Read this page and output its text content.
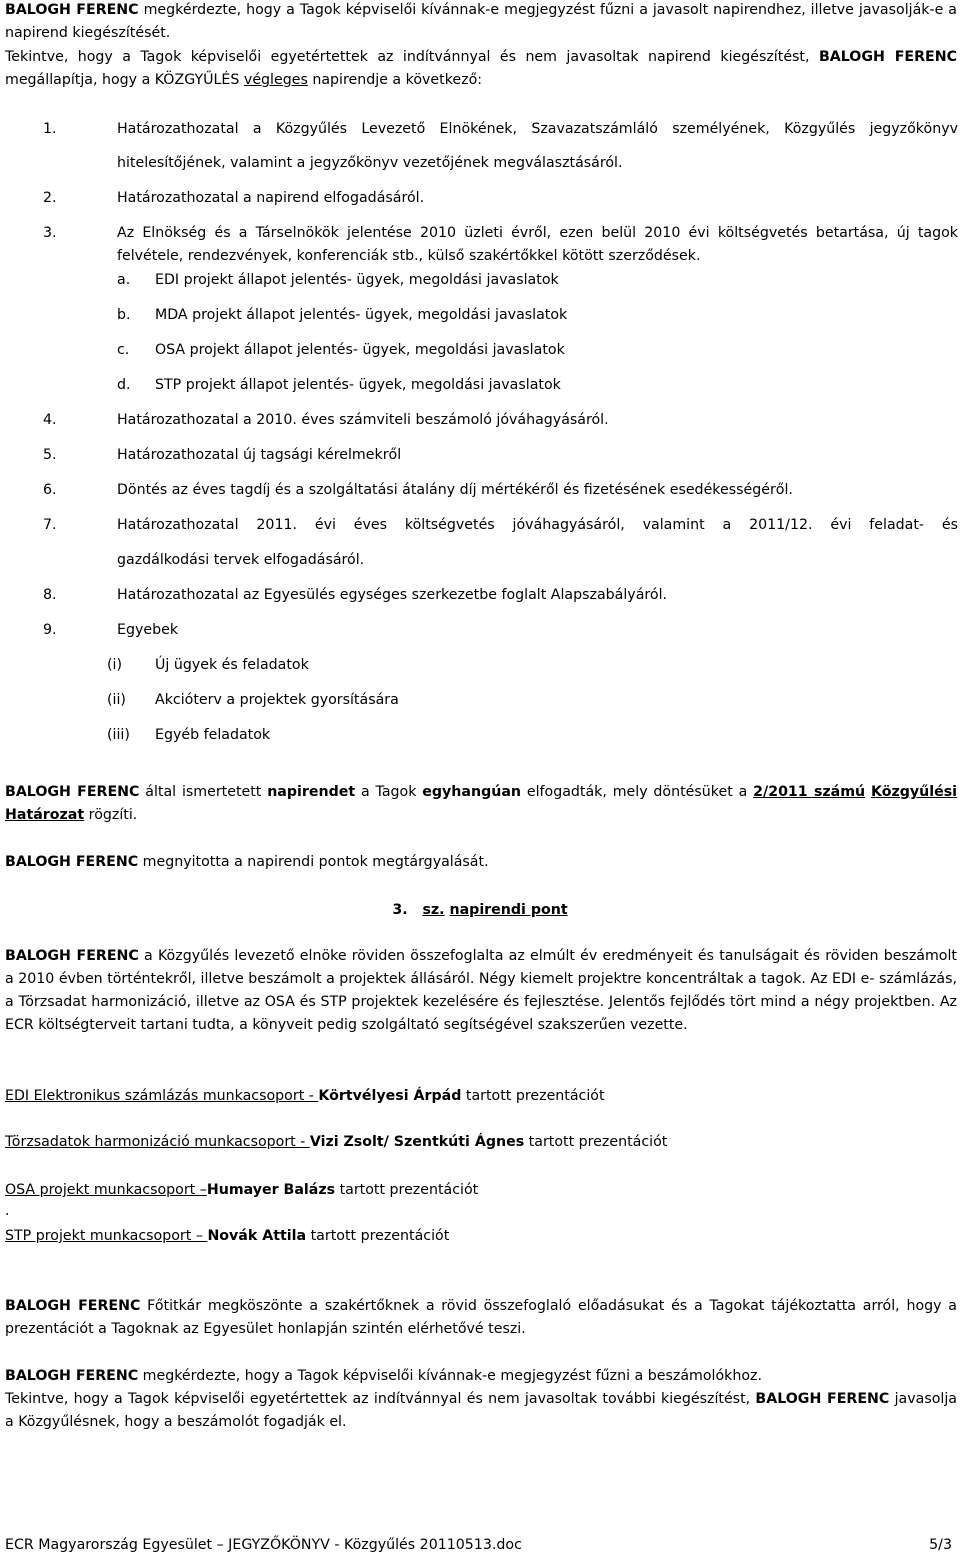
BALOGH FERENC megkérdezte, hogy a Tagok képviselői kívánnak-e megjegyzést fűzni a javasolt napirendhez, illetve javasolják-e a napirend kiegészítését.

Tekintve, hogy a Tagok képviselői egyetértettek az indítvánnyal és nem javasoltak napirend kiegészítést, BALOGH FERENC megállapítja, hogy a KÖZGYŰLÉS végleges napirendje a következő:

1.	Határozathozatal a Közgyűlés Levezető Elnökének, Szavazatszámláló személyének, Közgyűlés jegyzőkönyv
hitelesítőjének, valamint a jegyzőkönyv vezetőjének megválasztásáról.
2.	Határozathozatal a napirend elfogadásáról.
3.	Az Elnökség és a Társelnökök jelentése 2010 üzleti évről, ezen belül 2010 évi költségvetés betartása, új tagok felvétele, rendezvények, konferenciák stb., külső szakértőkkel kötött szerződések.
a. EDI projekt állapot jelentés- ügyek, megoldási javaslatok
b. MDA projekt állapot jelentés- ügyek, megoldási javaslatok
c. OSA projekt állapot jelentés- ügyek, megoldási javaslatok
d. STP projekt állapot jelentés- ügyek, megoldási javaslatok
4.	Határozathozatal a 2010. éves számviteli beszámoló jóváhagyásáról.
5.	Határozathozatal új tagsági kérelmekről
6.	Döntés az éves tagdíj és a szolgáltatási átalány díj mértékéről és fizetésének esedékességéről.
7.	Határozathozatal 2011. évi éves költségvetés jóváhagyásáról, valamint a 2011/12. évi feladat- és
gazdálkodási tervek elfogadásáról.
8.	Határozathozatal az Egyesülés egységes szerkezetbe foglalt Alapszabályáról.
9.	Egyebek
(i) Új ügyek és feladatok
(ii) Akcióterv a projektek gyorsítására
(iii) Egyéb feladatok

BALOGH FERENC által ismertetett napirendet a Tagok egyhangúan elfogadták, mely döntésüket a 2/2011 számú Közgyűlési Határozat rögzíti.

BALOGH FERENC megnyitotta a napirendi pontok megtárgyalását.

3. sz. napirendi pont

BALOGH FERENC a Közgyűlés levezető elnöke röviden összefoglalta az elmúlt év eredményeit és tanulságait és röviden beszámolt a 2010 évben történtekről, illetve beszámolt a projektek állásáról. Négy kiemelt projektre koncentráltak a tagok. Az EDI e- számlázás, a Törzsadat harmonizáció, illetve az OSA és STP projektek kezelésére és fejlesztése. Jelentős fejlődés tört mind a négy projektben. Az ECR költségterveit tartani tudta, a könyveit pedig szolgáltató segítségével szakszerűen vezette.

EDI Elektronikus számlázás munkacsoport - Körtvélyesi Árpád tartott prezentációt

Törzsadatok harmonizáció munkacsoport - Vizi Zsolt/ Szentkúti Ágnes tartott prezentációt

OSA projekt munkacsoport –Humayer Balázs tartott prezentációt

.

STP projekt munkacsoport – Novák Attila tartott prezentációt

BALOGH FERENC Főtitkár megköszönte a szakértőknek a rövid összefoglaló előadásukat és a Tagokat tájékoztatta arról, hogy a prezentációt a Tagoknak az Egyesület honlapján szintén elérhetővé teszi.

BALOGH FERENC megkérdezte, hogy a Tagok képviselői kívánnak-e megjegyzést fűzni a beszámolókhoz.

Tekintve, hogy a Tagok képviselői egyetértettek az indítvánnyal és nem javasoltak további kiegészítést, BALOGH FERENC javasolja a Közgyűlésnek, hogy a beszámolót fogadják el.

ECR Magyarország Egyesület – JEGYZŐKÖNYV - Közgyűlés 20110513.doc	5/3
